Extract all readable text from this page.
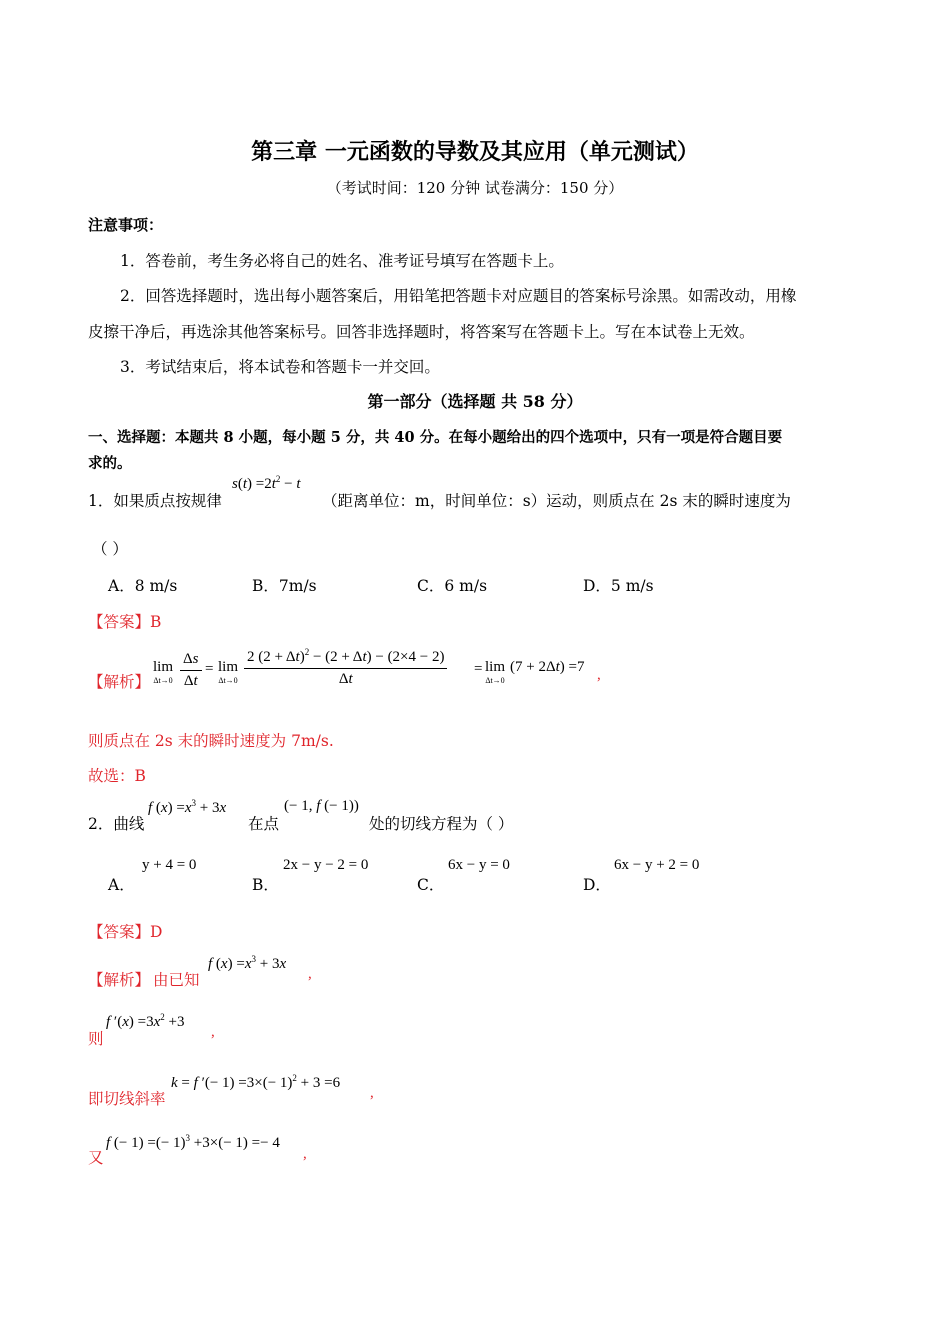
第三章 一元函数的导数及其应用（单元测试）
（考试时间：120 分钟 试卷满分：150 分）
注意事项：
1．答卷前，考生务必将自己的姓名、准考证号填写在答题卡上。
2．回答选择题时，选出每小题答案后，用铅笔把答题卡对应题目的答案标号涂黑。如需改动，用橡
皮擦干净后，再选涂其他答案标号。回答非选择题时，将答案写在答题卡上。写在本试卷上无效。
3．考试结束后，将本试卷和答题卡一并交回。
第一部分（选择题 共 58 分）
一、选择题：本题共 8 小题，每小题 5 分，共 40 分。在每小题给出的四个选项中，只有一项是符合题目要
求的。
1．如果质点按规律
$s(t) =2t^2 - t$
（距离单位：m，时间单位：s）运动，则质点在 2s 末的瞬时速度为
（ ）
A．8 m/s	B．7m/s	C．6 m/s	D．5 m/s
【答案】B
【解析】
lim
$\Delta t\to 0 \frac{\Delta s}{\Delta t} = \lim$
$\Delta t\to 0 \frac{2 (2 + \Delta t)^2 - (2 + \Delta t) - (2\times 4 - 2)}{\Delta t} = \lim$
Δt→0
(7 + 2Δt) =7 ,
则质点在 2s 末的瞬时速度为 7m/s.
故选：B
2．曲线
f $(x) =x^3 + 3x$
在点
(− 1, f (− 1))
处的切线方程为（ ）
A．
y + 4 = 0
B．
2x − y − 2 = 0
C．
6x − y = 0
D．
6x − y + 2 = 0
【答案】D
【解析】 由已知
f $(x) =x^3 + 3x$
,
则
f $'(x) =3x^2 +3$
,
即切线斜率
k = f ′(− $1) =3\times(- 1)^2 + 3 =6$
,
又
f (− 1) =(− 1)$^3$ +3×(− 1) =− 4
,
